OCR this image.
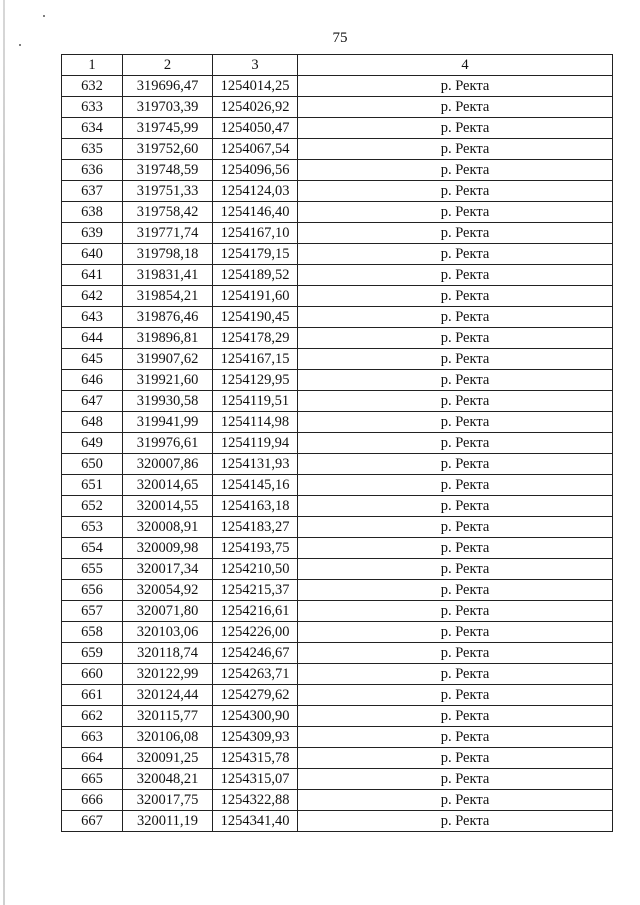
75
1	2	3	4
632	319696,47	1254014,25	р. Ректа
633	319703,39	1254026,92	р. Ректа
634	319745,99	1254050,47	р. Ректа
635	319752,60	1254067,54	р. Ректа
636	319748,59	1254096,56	р. Ректа
637	319751,33	1254124,03	р. Ректа
638	319758,42	1254146,40	р. Ректа
639	319771,74	1254167,10	р. Ректа
640	319798,18	1254179,15	р. Ректа
641	319831,41	1254189,52	р. Ректа
642	319854,21	1254191,60	р. Ректа
643	319876,46	1254190,45	р. Ректа
644	319896,81	1254178,29	р. Ректа
645	319907,62	1254167,15	р. Ректа
646	319921,60	1254129,95	р. Ректа
647	319930,58	1254119,51	р. Ректа
648	319941,99	1254114,98	р. Ректа
649	319976,61	1254119,94	р. Ректа
650	320007,86	1254131,93	р. Ректа
651	320014,65	1254145,16	р. Ректа
652	320014,55	1254163,18	р. Ректа
653	320008,91	1254183,27	р. Ректа
654	320009,98	1254193,75	р. Ректа
655	320017,34	1254210,50	р. Ректа
656	320054,92	1254215,37	р. Ректа
657	320071,80	1254216,61	р. Ректа
658	320103,06	1254226,00	р. Ректа
659	320118,74	1254246,67	р. Ректа
660	320122,99	1254263,71	р. Ректа
661	320124,44	1254279,62	р. Ректа
662	320115,77	1254300,90	р. Ректа
663	320106,08	1254309,93	р. Ректа
664	320091,25	1254315,78	р. Ректа
665	320048,21	1254315,07	р. Ректа
666	320017,75	1254322,88	р. Ректа
667	320011,19	1254341,40	р. Ректа
